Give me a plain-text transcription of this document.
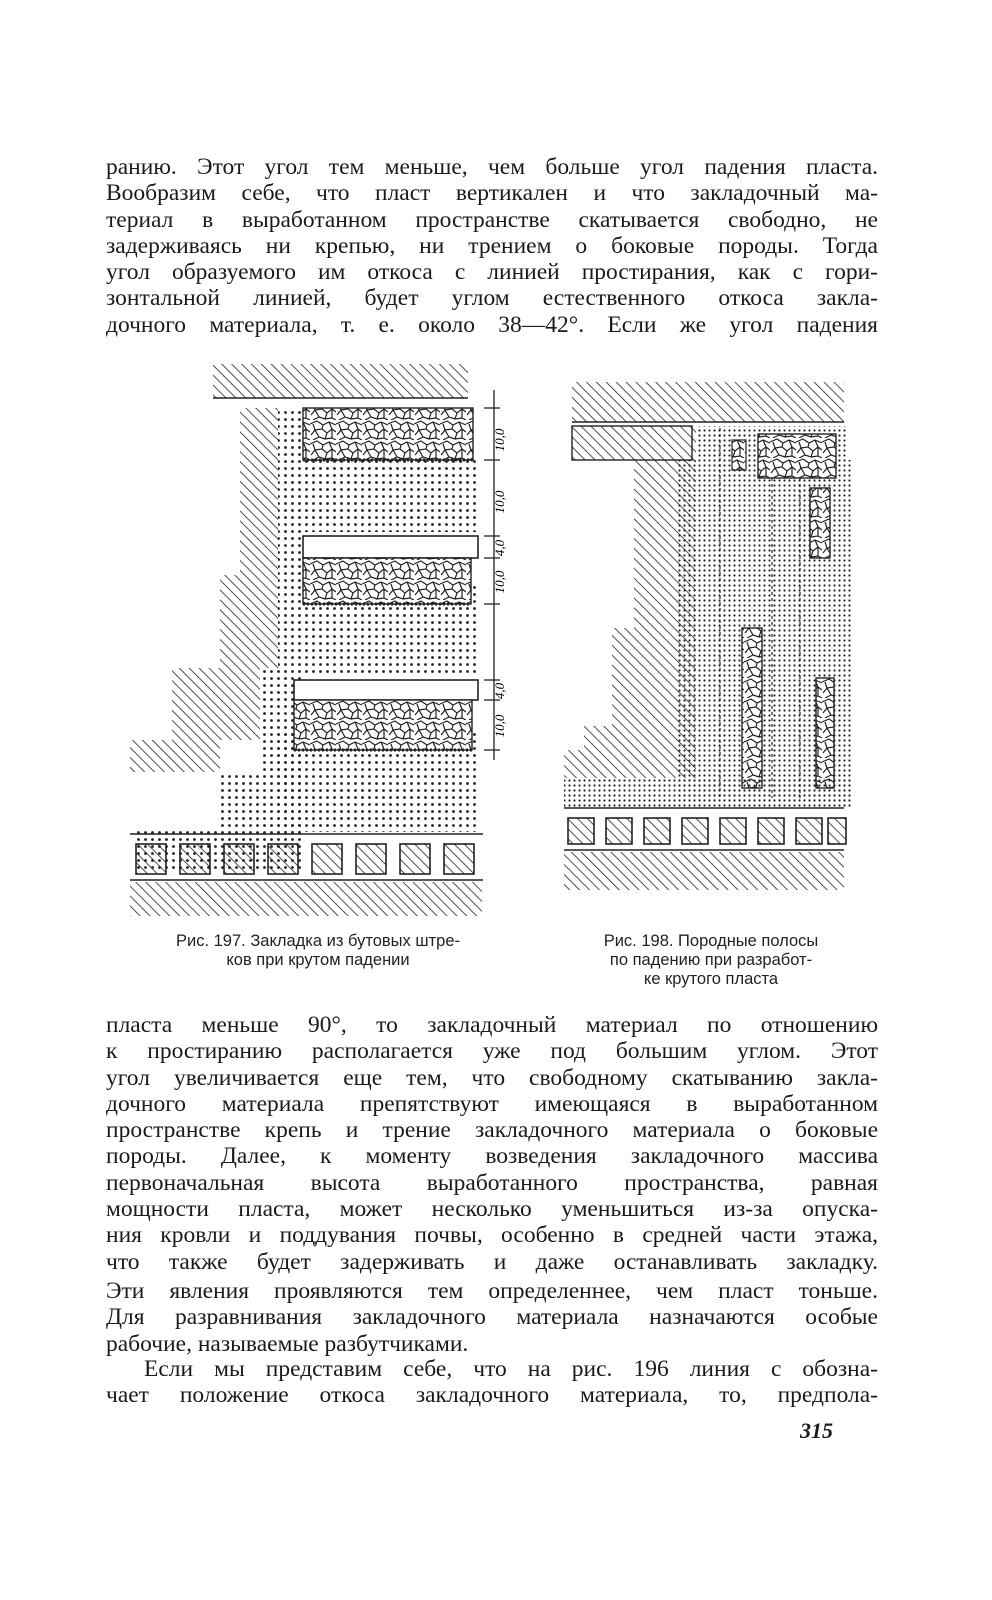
ранию. Этот угол тем меньше, чем больше угол падения пласта.
Вообразим себе, что пласт вертикален и что закладочный ма-
териал в выработанном пространстве скатывается свободно, не
задерживаясь ни крепью, ни трением о боковые породы. Тогда
угол образуемого им откоса с линией простирания, как с гори-
зонтальной линией, будет углом естественного откоса закла-
дочного материала, т. е. около 38—42°. Если же угол падения
10,0
10,0
4,0
10,0
4,0
10,0
Рис. 197. Закладка из бутовых штре-
ков при крутом падении
Рис. 198. Породные полосы
по падению при разработ-
ке крутого пласта
пласта меньше 90°, то закладочный материал по отношению
к простиранию располагается уже под большим углом. Этот
угол увеличивается еще тем, что свободному скатыванию закла-
дочного материала препятствуют имеющаяся в выработанном
пространстве крепь и трение закладочного материала о боковые
породы. Далее, к моменту возведения закладочного массива
первоначальная высота выработанного пространства, равная
мощности пласта, может несколько уменьшиться из-за опуска-
ния кровли и поддувания почвы, особенно в средней части этажа,
что также будет задерживать и даже останавливать закладку.
Эти явления проявляются тем определеннее, чем пласт тоньше.
Для разравнивания закладочного материала назначаются особые
рабочие, называемые разбутчиками.
Если мы представим себе, что на рис. 196 линия с обозна-
чает положение откоса закладочного материала, то, предпола-
315
